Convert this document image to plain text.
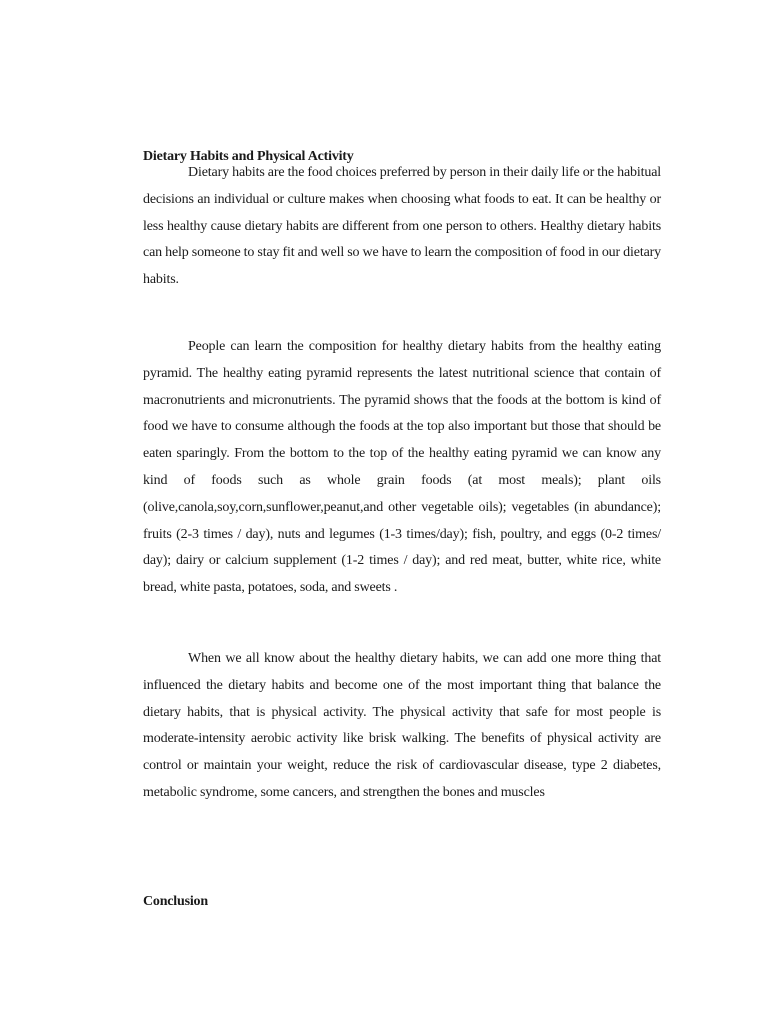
Dietary Habits and Physical Activity

Dietary habits are the food choices preferred by person in their daily life or the habitual decisions an individual or culture makes when choosing what foods to eat. It can be healthy or less healthy cause dietary habits are different from one person to others. Healthy dietary habits can help someone to stay fit and well so we have to learn the composition of food in our dietary habits.

People can learn the composition for healthy dietary habits from the healthy eating pyramid. The healthy eating pyramid represents the latest nutritional science that contain of macronutrients and micronutrients. The pyramid shows that the foods at the bottom is kind of food we have to consume although the foods at the top also important but those that should be eaten sparingly. From the bottom to the top of the healthy eating pyramid we can know any kind of foods such as whole grain foods (at most meals); plant oils (olive,canola,soy,corn,sunflower,peanut,and other vegetable oils); vegetables (in abundance); fruits (2-3 times / day), nuts and legumes (1-3 times/day); fish, poultry, and eggs (0-2 times/ day); dairy or calcium supplement (1-2 times / day); and red meat, butter, white rice, white bread, white pasta, potatoes, soda, and sweets .

When we all know about the healthy dietary habits, we can add one more thing that influenced the dietary habits and become one of the most important thing that balance the dietary habits, that is physical activity. The physical activity that safe for most people is moderate-intensity aerobic activity like brisk walking. The benefits of physical activity are control or maintain your weight, reduce the risk of cardiovascular disease, type 2 diabetes, metabolic syndrome, some cancers, and strengthen the bones and muscles

Conclusion
